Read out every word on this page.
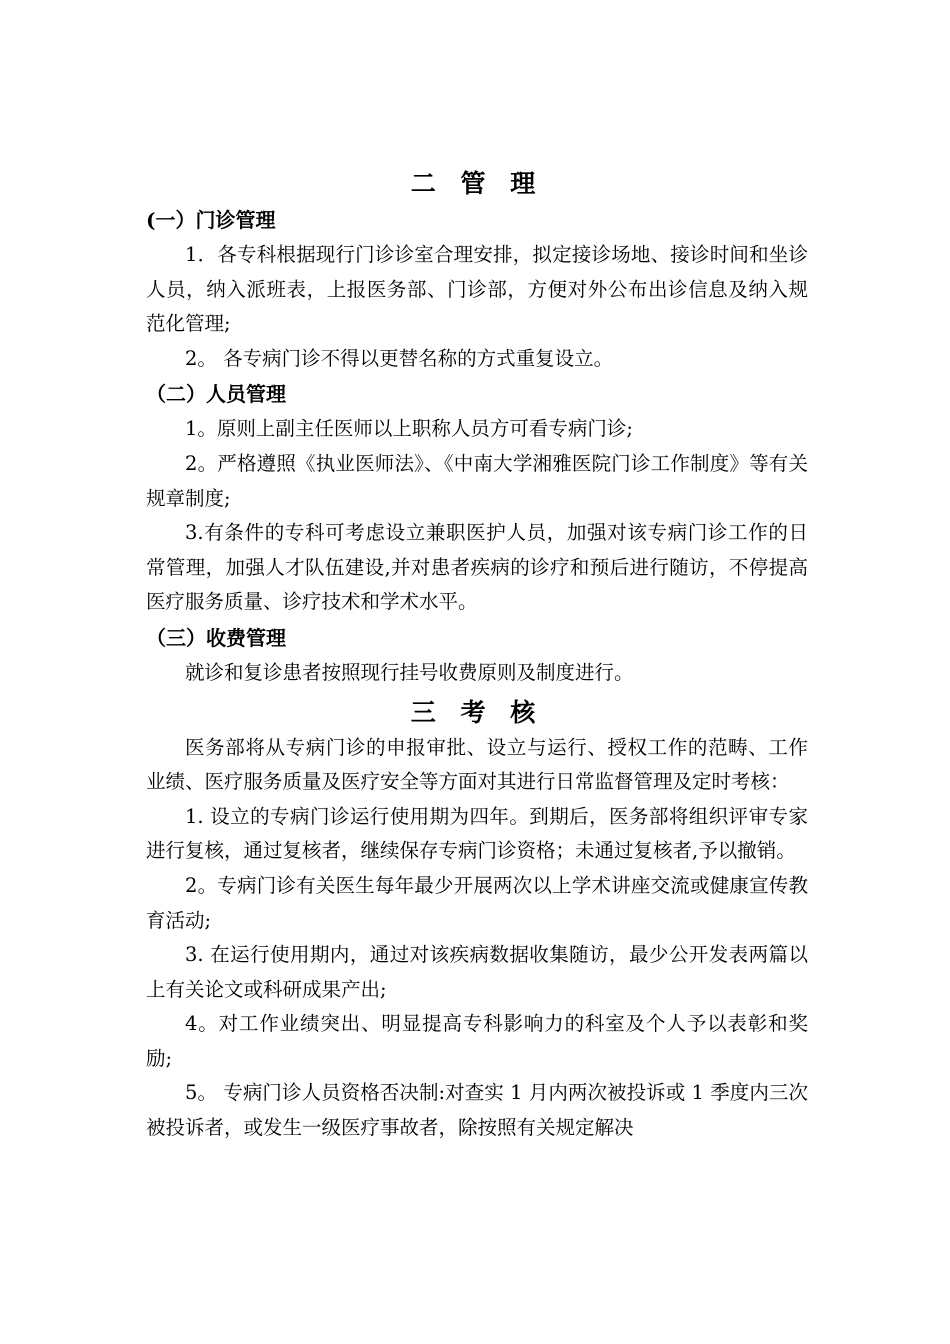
二 管 理
(一）门诊管理

1．各专科根据现行门诊诊室合理安排，拟定接诊场地、接诊时间和坐诊人员，纳入派班表，上报医务部、门诊部，方便对外公布出诊信息及纳入规范化管理;

2。 各专病门诊不得以更替名称的方式重复设立。

（二）人员管理

1。原则上副主任医师以上职称人员方可看专病门诊;

2。严格遵照《执业医师法》、《中南大学湘雅医院门诊工作制度》等有关规章制度;

3.有条件的专科可考虑设立兼职医护人员，加强对该专病门诊工作的日常管理，加强人才队伍建设,并对患者疾病的诊疗和预后进行随访，不停提高医疗服务质量、诊疗技术和学术水平。

（三）收费管理

就诊和复诊患者按照现行挂号收费原则及制度进行。

三 考 核

医务部将从专病门诊的申报审批、设立与运行、授权工作的范畴、工作业绩、医疗服务质量及医疗安全等方面对其进行日常监督管理及定时考核：

1. 设立的专病门诊运行使用期为四年。到期后，医务部将组织评审专家进行复核，通过复核者，继续保存专病门诊资格；未通过复核者,予以撤销。

2。专病门诊有关医生每年最少开展两次以上学术讲座交流或健康宣传教育活动;

3. 在运行使用期内，通过对该疾病数据收集随访，最少公开发表两篇以上有关论文或科研成果产出;

4。对工作业绩突出、明显提高专科影响力的科室及个人予以表彰和奖励;

5。 专病门诊人员资格否决制:对查实 1 月内两次被投诉或 1 季度内三次被投诉者，或发生一级医疗事故者，除按照有关规定解决
